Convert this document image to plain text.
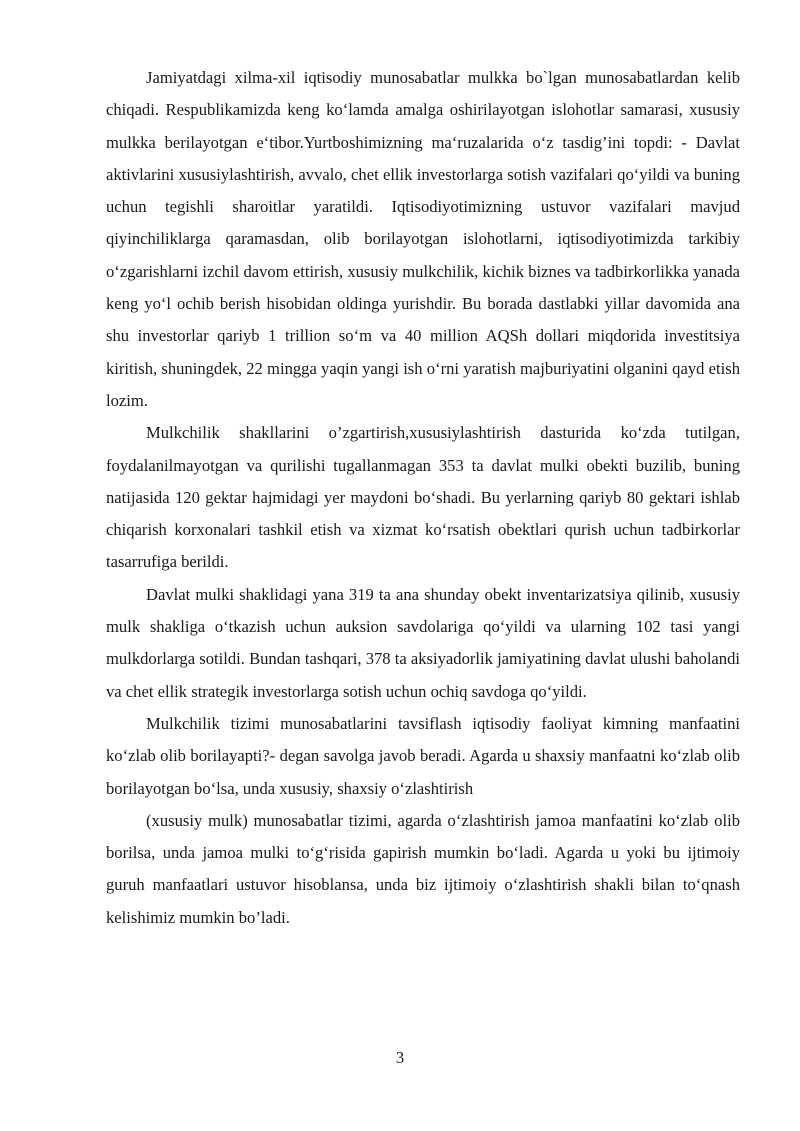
Jamiyatdagi xilma-xil iqtisodiy munosabatlar mulkka bo`lgan munosabatlardan kelib chiqadi. Respublikamizda keng ko‘lamda amalga oshirilayotgan islohotlar samarasi, xususiy mulkka berilayotgan e‘tibor.Yurtboshimizning ma‘ruzalarida o‘z tasdig’ini topdi: - Davlat aktivlarini xususiylashtirish, avvalo, chet ellik investorlarga sotish vazifalari qo‘yildi va buning uchun tegishli sharoitlar yaratildi. Iqtisodiyotimizning ustuvor vazifalari mavjud qiyinchiliklarga qaramasdan, olib borilayotgan islohotlarni, iqtisodiyotimizda tarkibiy o‘zgarishlarni izchil davom ettirish, xususiy mulkchilik, kichik biznes va tadbirkorlikka yanada keng yo‘l ochib berish hisobidan oldinga yurishdir. Bu borada dastlabki yillar davomida ana shu investorlar qariyb 1 trillion so‘m va 40 million AQSh dollari miqdorida investitsiya kiritish, shuningdek, 22 mingga yaqin yangi ish o‘rni yaratish majburiyatini olganini qayd etish lozim.

Mulkchilik shakllarini o’zgartirish,xususiylashtirish dasturida ko‘zda tutilgan, foydalanilmayotgan va qurilishi tugallanmagan 353 ta davlat mulki obekti buzilib, buning natijasida 120 gektar hajmidagi yer maydoni bo‘shadi. Bu yerlarning qariyb 80 gektari ishlab chiqarish korxonalari tashkil etish va xizmat ko‘rsatish obektlari qurish uchun tadbirkorlar tasarrufiga berildi.

Davlat mulki shaklidagi yana 319 ta ana shunday obekt inventarizatsiya qilinib, xususiy mulk shakliga o‘tkazish uchun auksion savdolariga qo‘yildi va ularning 102 tasi yangi mulkdorlarga sotildi. Bundan tashqari, 378 ta aksiyadorlik jamiyatining davlat ulushi baholandi va chet ellik strategik investorlarga sotish uchun ochiq savdoga qo‘yildi.

Mulkchilik tizimi munosabatlarini tavsiflash iqtisodiy faoliyat kimning manfaatini ko‘zlab olib borilayapti?- degan savolga javob beradi. Agarda u shaxsiy manfaatni ko‘zlab olib borilayotgan bo‘lsa, unda xususiy, shaxsiy o‘zlashtirish

(xususiy mulk) munosabatlar tizimi, agarda o‘zlashtirish jamoa manfaatini ko‘zlab olib borilsa, unda jamoa mulki to‘g‘risida gapirish mumkin bo‘ladi. Agarda u yoki bu ijtimoiy guruh manfaatlari ustuvor hisoblansa, unda biz ijtimoiy o‘zlashtirish shakli bilan to‘qnash kelishimiz mumkin bo’ladi.

3
